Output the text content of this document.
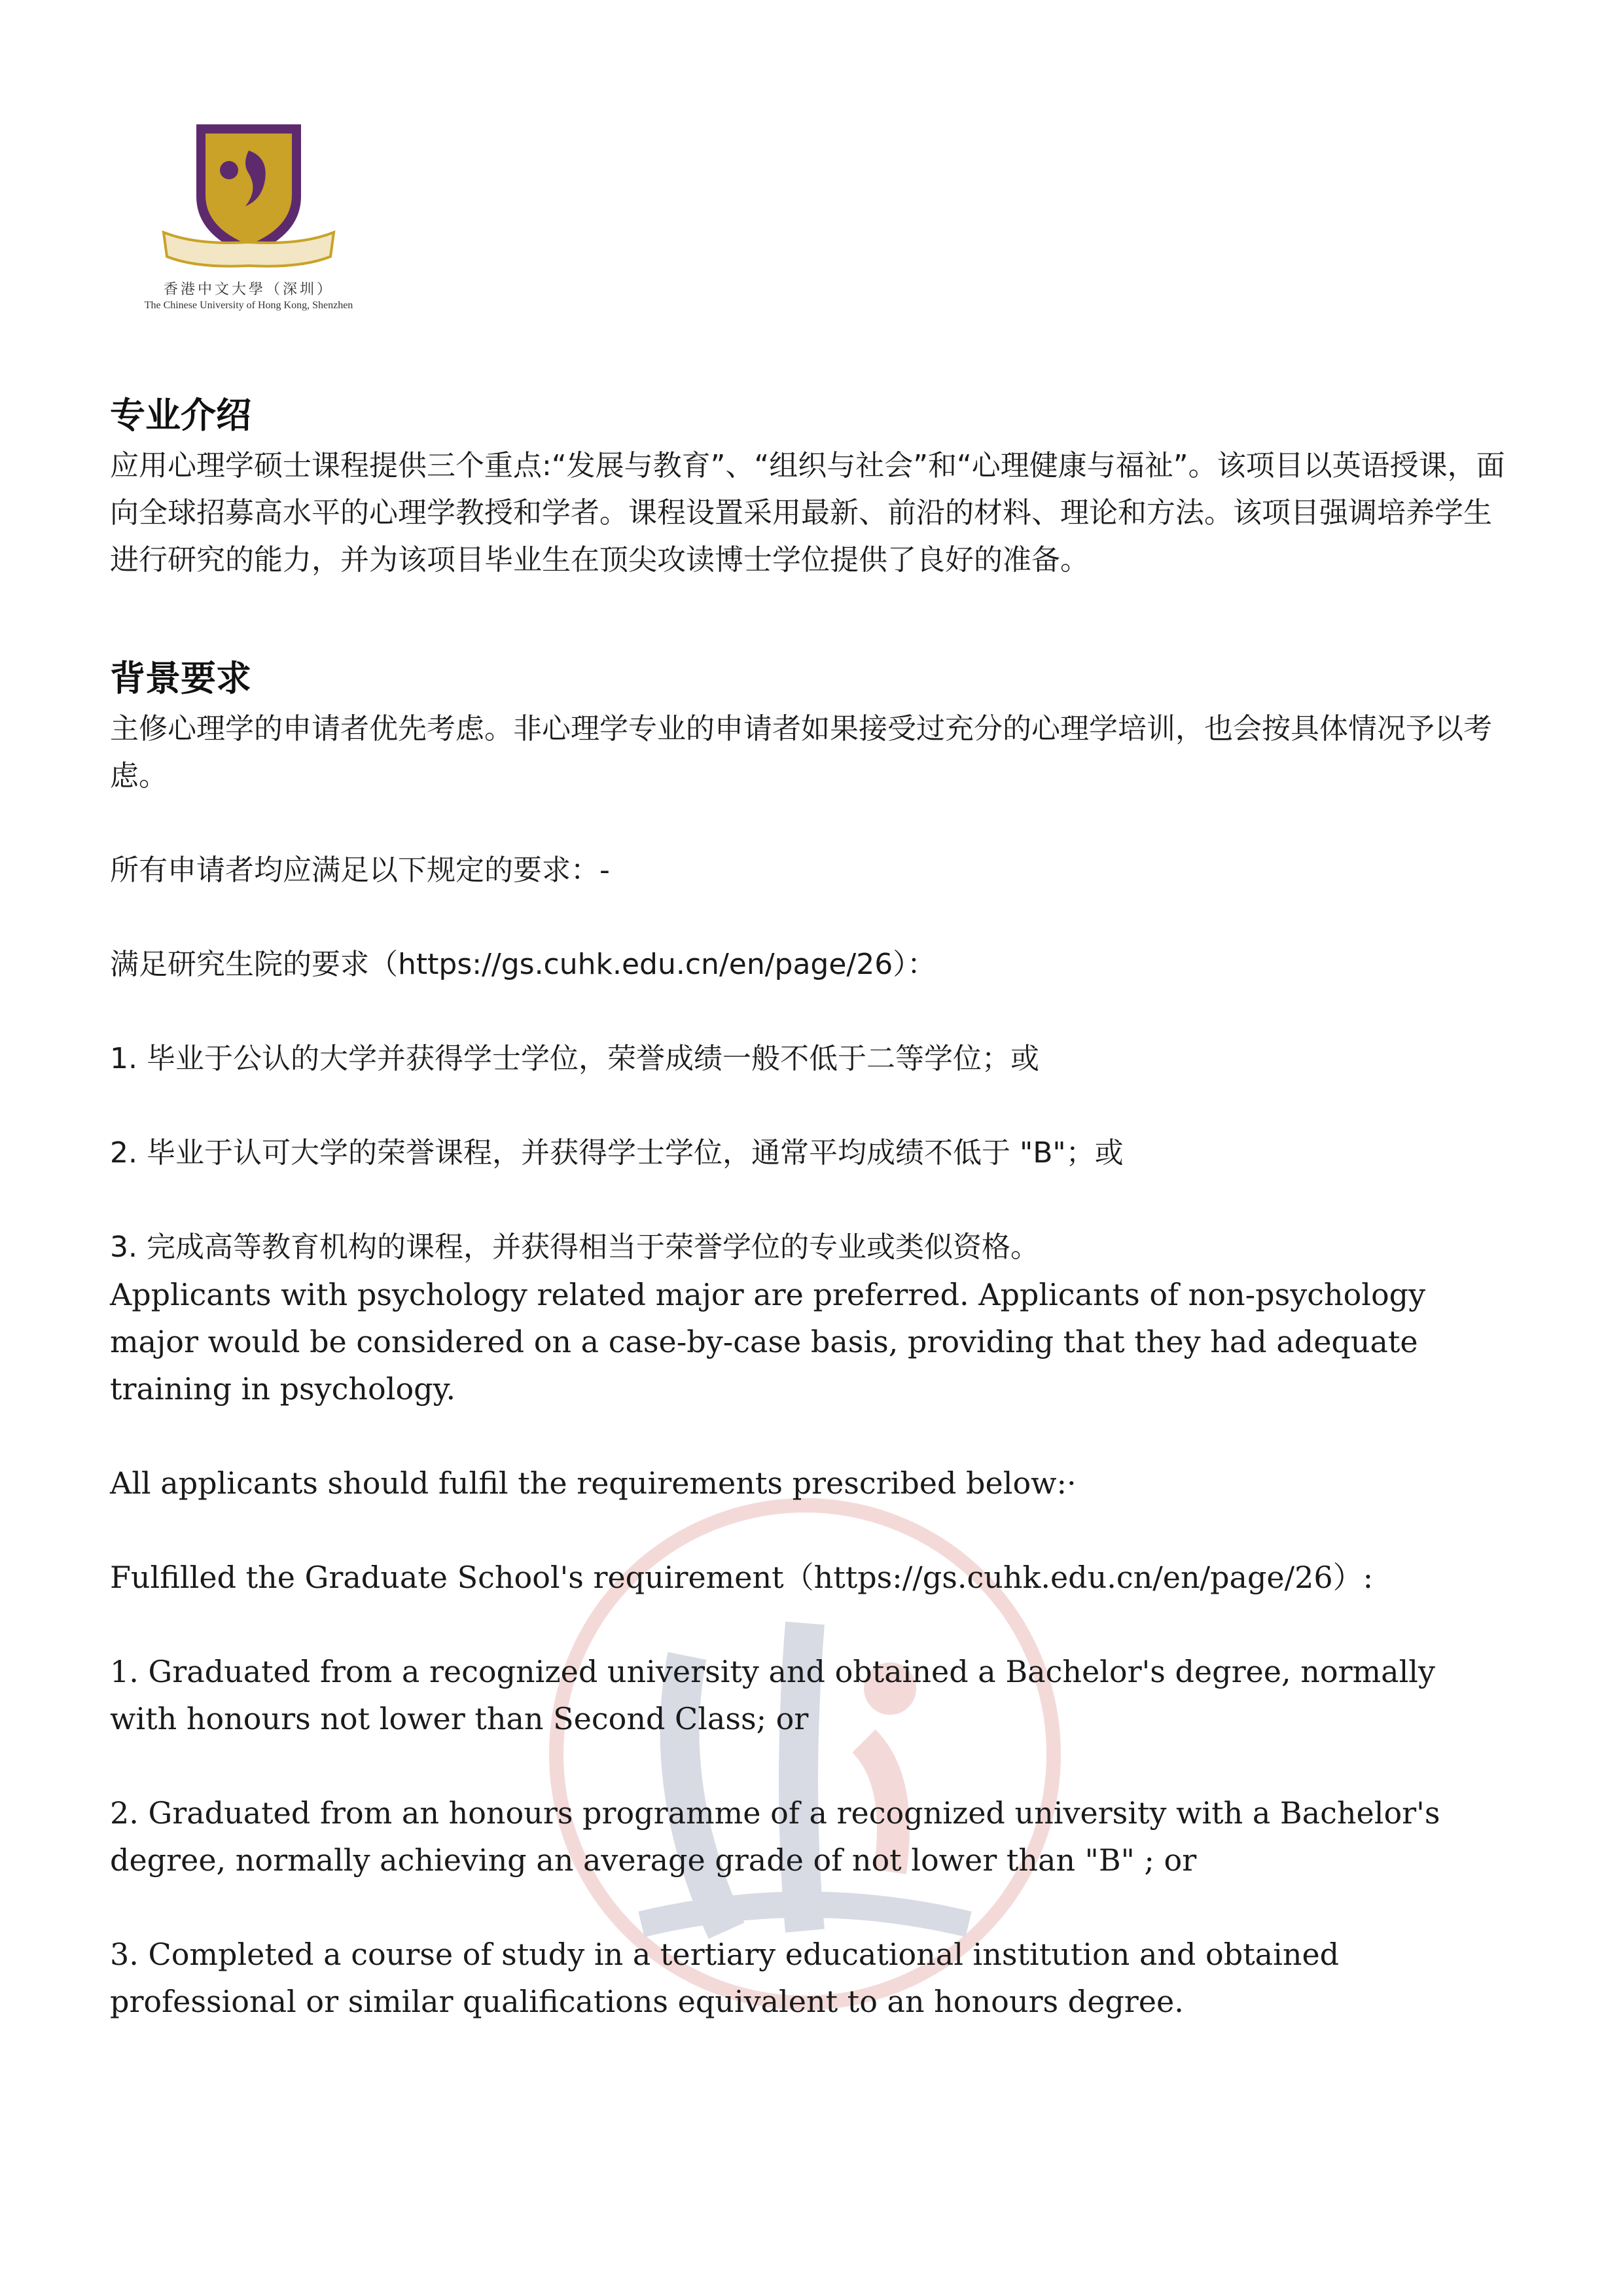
香港中文大學（深圳）
The Chinese University of Hong Kong, Shenzhen
专业介绍

应用心理学硕士课程提供三个重点:“发展与教育”、“组织与社会”和“心理健康与福祉”。该项目以英语授课，面向全球招募高水平的心理学教授和学者。课程设置采用最新、前沿的材料、理论和方法。该项目强调培养学生进行研究的能力，并为该项目毕业生在顶尖攻读博士学位提供了良好的准备。

背景要求

主修心理学的申请者优先考虑。非心理学专业的申请者如果接受过充分的心理学培训，也会按具体情况予以考虑。

所有申请者均应满足以下规定的要求：-

满足研究生院的要求（https://gs.cuhk.edu.cn/en/page/26）：

1. 毕业于公认的大学并获得学士学位，荣誉成绩一般不低于二等学位；或

2. 毕业于认可大学的荣誉课程，并获得学士学位，通常平均成绩不低于 "B"；或

3. 完成高等教育机构的课程，并获得相当于荣誉学位的专业或类似资格。

Applicants with psychology related major are preferred. Applicants of non-psychology major would be considered on a case-by-case basis, providing that they had adequate training in psychology.

All applicants should fulfil the requirements prescribed below:·

Fulfilled the Graduate School's requirement（https://gs.cuhk.edu.cn/en/page/26）:

1. Graduated from a recognized university and obtained a Bachelor's degree, normally with honours not lower than Second Class; or

2. Graduated from an honours programme of a recognized university with a Bachelor's degree, normally achieving an average grade of not lower than "B" ; or

3. Completed a course of study in a tertiary educational institution and obtained professional or similar qualifications equivalent to an honours degree.
